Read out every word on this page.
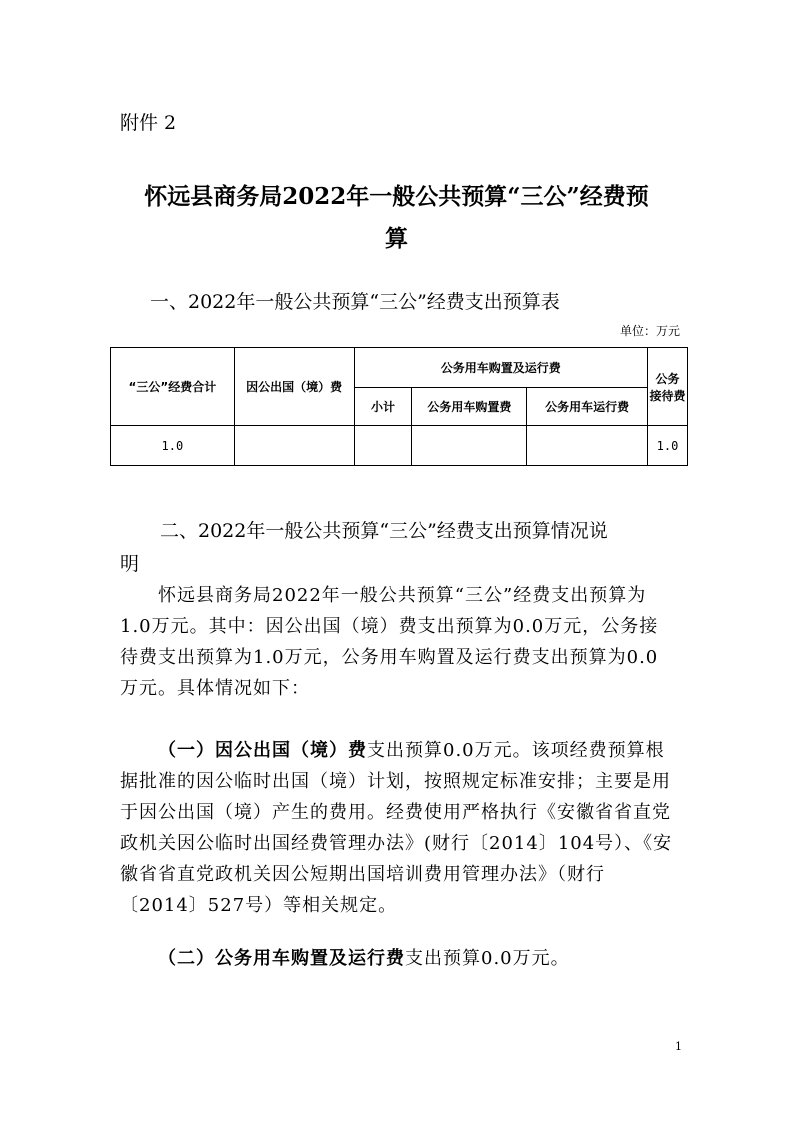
附件 2
怀远县商务局2022年一般公共预算“三公”经费预
算
一、2022年一般公共预算“三公”经费支出预算表
单位：万元
“三公”经费合计	因公出国（境）费	公务用车购置及运行费			公务
接待费

		小计	公务用车购置费	公务用车运行费	
1.0					1.0
二、2022年一般公共预算“三公”经费支出预算情况说
明

怀远县商务局2022年一般公共预算“三公”经费支出预算为1.0万元。其中：因公出国（境）费支出预算为0.0万元，公务接待费支出预算为1.0万元，公务用车购置及运行费支出预算为0.0万元。具体情况如下：

（一）因公出国（境）费支出预算0.0万元。该项经费预算根据批准的因公临时出国（境）计划，按照规定标准安排；主要是用于因公出国（境）产生的费用。经费使用严格执行《安徽省省直党政机关因公临时出国经费管理办法》(财行〔2014〕104号）、《安徽省省直党政机关因公短期出国培训费用管理办法》（财行〔2014〕527号）等相关规定。

（二）公务用车购置及运行费支出预算0.0万元。

1
